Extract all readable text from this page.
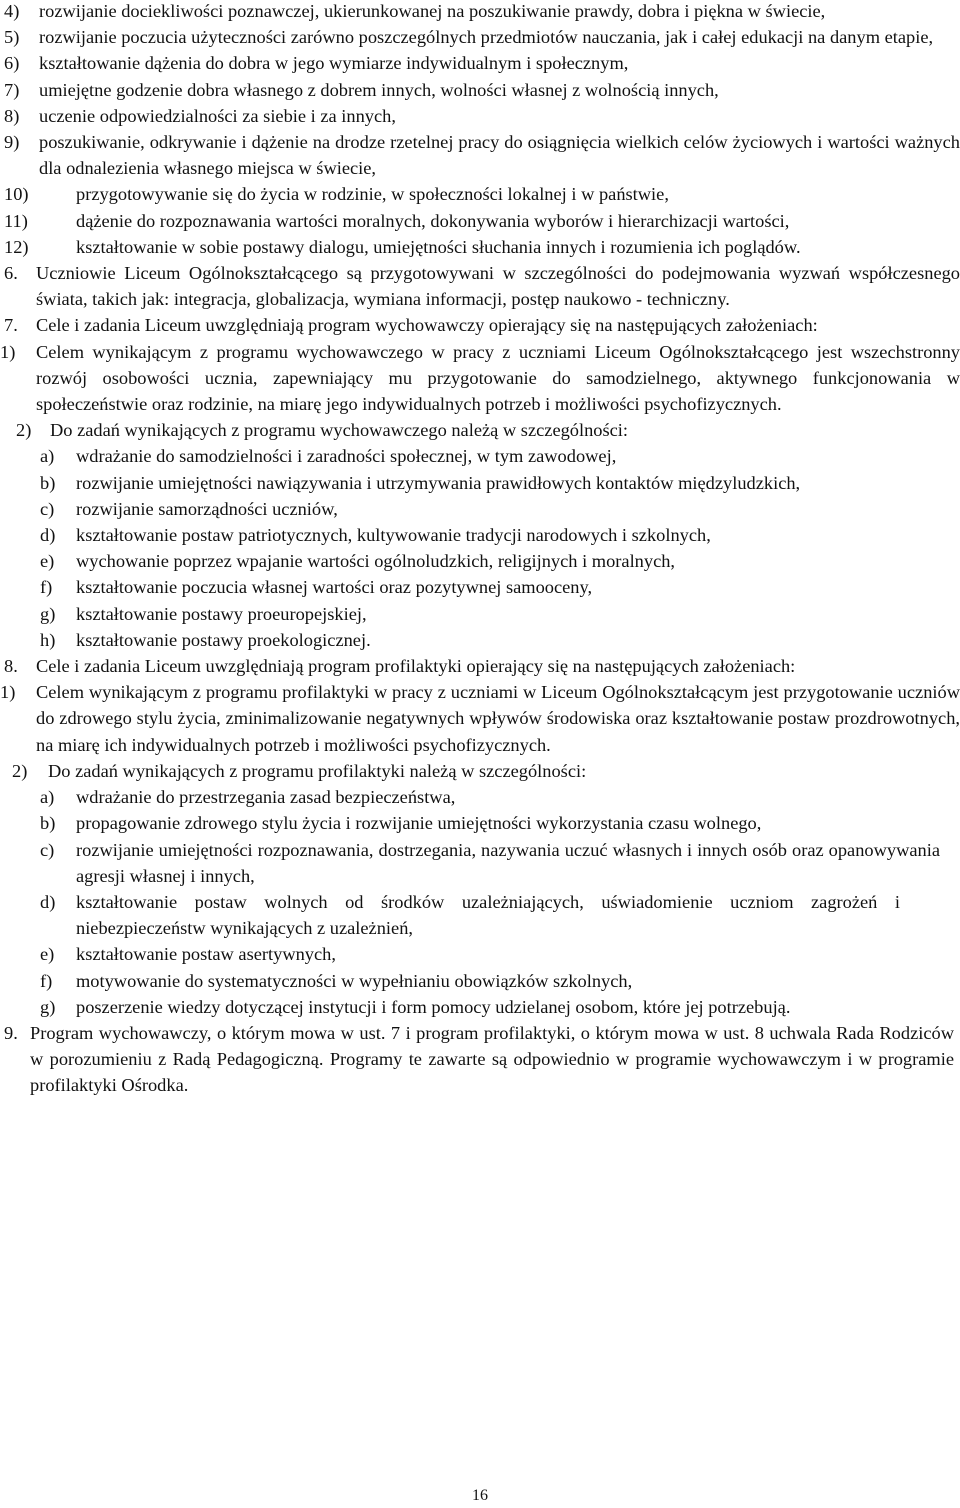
4) rozwijanie dociekliwości poznawczej, ukierunkowanej na poszukiwanie prawdy, dobra i piękna w świecie,
5) rozwijanie poczucia użyteczności zarówno poszczególnych przedmiotów nauczania, jak i całej edukacji na danym etapie,
6) kształtowanie dążenia do dobra w jego wymiarze indywidualnym i społecznym,
7) umiejętne godzenie dobra własnego z dobrem innych, wolności własnej z wolnością innych,
8) uczenie odpowiedzialności za siebie i za innych,
9) poszukiwanie, odkrywanie i dążenie na drodze rzetelnej pracy do osiągnięcia wielkich celów życiowych i wartości ważnych dla odnalezienia własnego miejsca w świecie,
10)	przygotowywanie się do życia w rodzinie, w społeczności lokalnej i w państwie,
11)	dążenie do rozpoznawania wartości moralnych, dokonywania wyborów i hierarchizacji wartości,
12)	kształtowanie w sobie postawy dialogu, umiejętności słuchania innych i rozumienia ich poglądów.
6. Uczniowie Liceum Ogólnokształcącego są przygotowywani w szczególności do podejmowania wyzwań współczesnego świata, takich jak: integracja, globalizacja, wymiana informacji, postęp naukowo - techniczny.
7. Cele i zadania Liceum uwzględniają program wychowawczy opierający się na następujących założeniach:
1) Celem wynikającym z programu wychowawczego w pracy z uczniami Liceum Ogólnokształcącego jest wszechstronny rozwój osobowości ucznia, zapewniający mu przygotowanie do samodzielnego, aktywnego funkcjonowania w społeczeństwie oraz rodzinie, na miarę jego indywidualnych potrzeb i możliwości psychofizycznych.
2) Do zadań wynikających z programu wychowawczego należą w szczególności:
a) wdrażanie do samodzielności i zaradności społecznej, w tym zawodowej,
b) rozwijanie umiejętności nawiązywania i utrzymywania prawidłowych kontaktów międzyludzkich,
c) rozwijanie samorządności uczniów,
d) kształtowanie postaw patriotycznych, kultywowanie tradycji narodowych i szkolnych,
e) wychowanie poprzez wpajanie wartości ogólnoludzkich, religijnych i moralnych,
f) kształtowanie poczucia własnej wartości oraz pozytywnej samooceny,
g) kształtowanie postawy proeuropejskiej,
h) kształtowanie postawy proekologicznej.
8. Cele i zadania Liceum uwzględniają program profilaktyki opierający się na następujących założeniach:
1) Celem wynikającym z programu profilaktyki w pracy z uczniami w Liceum Ogólnokształcącym jest przygotowanie uczniów do zdrowego stylu życia, zminimalizowanie negatywnych wpływów środowiska oraz kształtowanie postaw prozdrowotnych, na miarę ich indywidualnych potrzeb i możliwości psychofizycznych.
2) Do zadań wynikających z programu profilaktyki należą w szczególności:
a) wdrażanie do przestrzegania zasad bezpieczeństwa,
b) propagowanie zdrowego stylu życia i rozwijanie umiejętności wykorzystania czasu wolnego,
c) rozwijanie umiejętności rozpoznawania, dostrzegania, nazywania uczuć własnych i innych osób oraz opanowywania agresji własnej i innych,
d) kształtowanie postaw wolnych od środków uzależniających, uświadomienie uczniom zagrożeń i niebezpieczeństw wynikających z uzależnień,
e) kształtowanie postaw asertywnych,
f) motywowanie do systematyczności w wypełnianiu obowiązków szkolnych,
g) poszerzenie wiedzy dotyczącej instytucji i form pomocy udzielanej osobom, które jej potrzebują.
9. Program wychowawczy, o którym mowa w ust. 7 i program profilaktyki, o którym mowa w ust. 8 uchwala Rada Rodziców w porozumieniu z Radą Pedagogiczną. Programy te zawarte są odpowiednio w programie wychowawczym i w programie profilaktyki Ośrodka.
16
